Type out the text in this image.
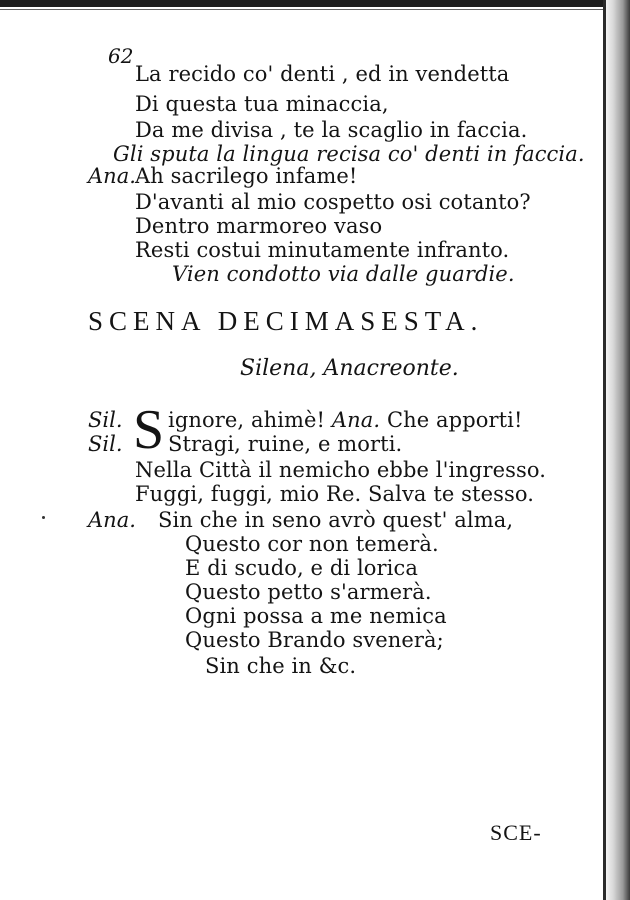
62
La recido co' denti , ed in vendetta
Di questa tua minaccia,
Da me divisa , te la scaglio in faccia.
Gli sputa la lingua recisa co' denti in faccia.
Ana. Ah sacrilego infame!
D'avanti al mio cospetto osi cotanto?
Dentro marmoreo vaso
Resti costui minutamente infranto.
Vien condotto via dalle guardie.
SCENA DECIMASESTA.
Silena, Anacreonte.
S
Sil. ignore, ahimè! Ana. Che apporti!
Sil. Stragi, ruine, e morti.
Nella Città il nemicho ebbe l'ingresso.
Fuggi, fuggi, mio Re. Salva te stesso.
Ana. Sin che in seno avrò quest' alma,
Questo cor non temerà.
E di scudo, e di lorica
Questo petto s'armerà.
Ogni possa a me nemica
Questo Brando svenerà;
Sin che in &c.
SCE-
